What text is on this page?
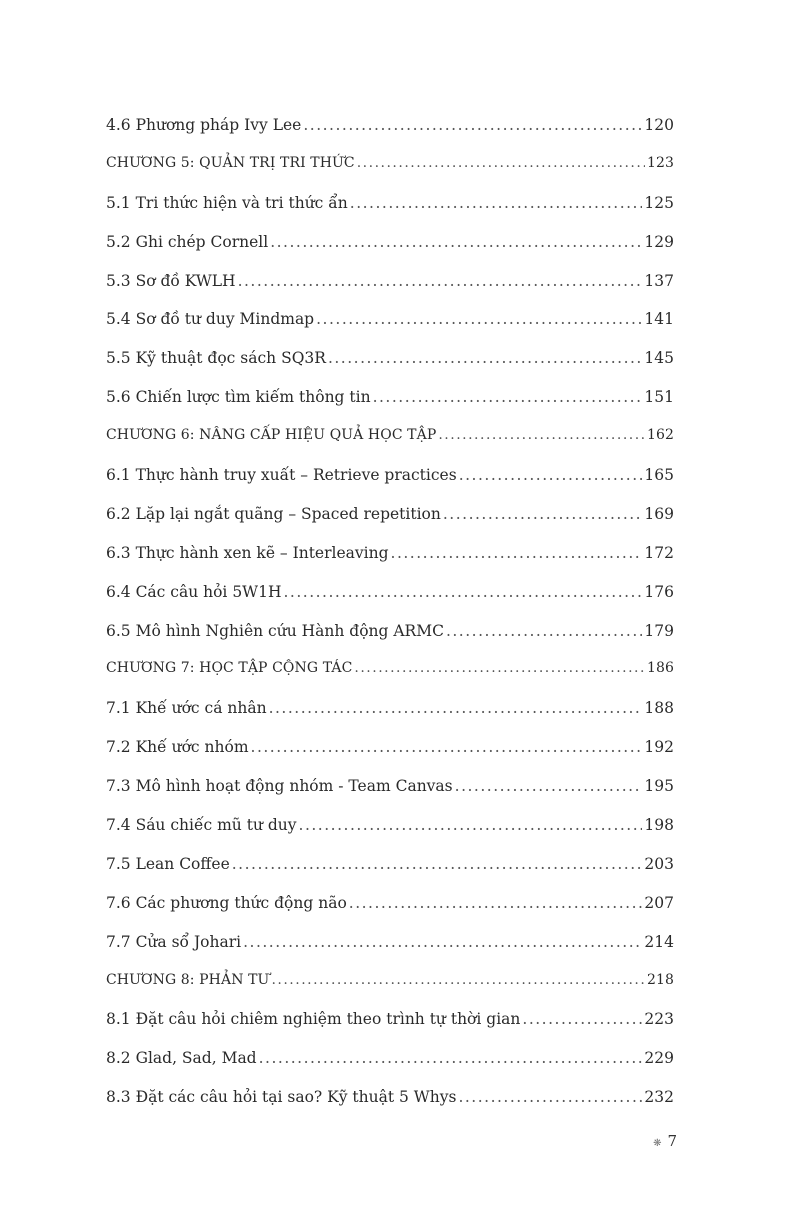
4.6 Phương pháp Ivy Lee .....	120
CHƯƠNG 5: QUẢN TRỊ TRI THỨC .....	123
5.1 Tri thức hiện và tri thức ẩn .....	125
5.2 Ghi chép Cornell .....	129
5.3 Sơ đồ KWLH .....	137
5.4 Sơ đồ tư duy Mindmap .....	141
5.5 Kỹ thuật đọc sách SQ3R .....	145
5.6 Chiến lược tìm kiếm thông tin .....	151
CHƯƠNG 6: NÂNG CẤP HIỆU QUẢ HỌC TẬP .....	162
6.1 Thực hành truy xuất – Retrieve practices .....	165
6.2 Lặp lại ngắt quãng – Spaced repetition .....	169
6.3 Thực hành xen kẽ – Interleaving .....	172
6.4 Các câu hỏi 5W1H .....	176
6.5 Mô hình Nghiên cứu Hành động ARMC .....	179
CHƯƠNG 7: HỌC TẬP CỘNG TÁC .....	186
7.1 Khế ước cá nhân .....	188
7.2 Khế ước nhóm .....	192
7.3 Mô hình hoạt động nhóm - Team Canvas .....	195
7.4 Sáu chiếc mũ tư duy .....	198
7.5 Lean Coffee .....	203
7.6 Các phương thức động não .....	207
7.7 Cửa sổ Johari .....	214
CHƯƠNG 8: PHẢN TƯ .....	218
8.1 Đặt câu hỏi chiêm nghiệm theo trình tự thời gian .....	223
8.2 Glad, Sad, Mad .....	229
8.3 Đặt các câu hỏi tại sao? Kỹ thuật 5 Whys .....	232
❋ 7
